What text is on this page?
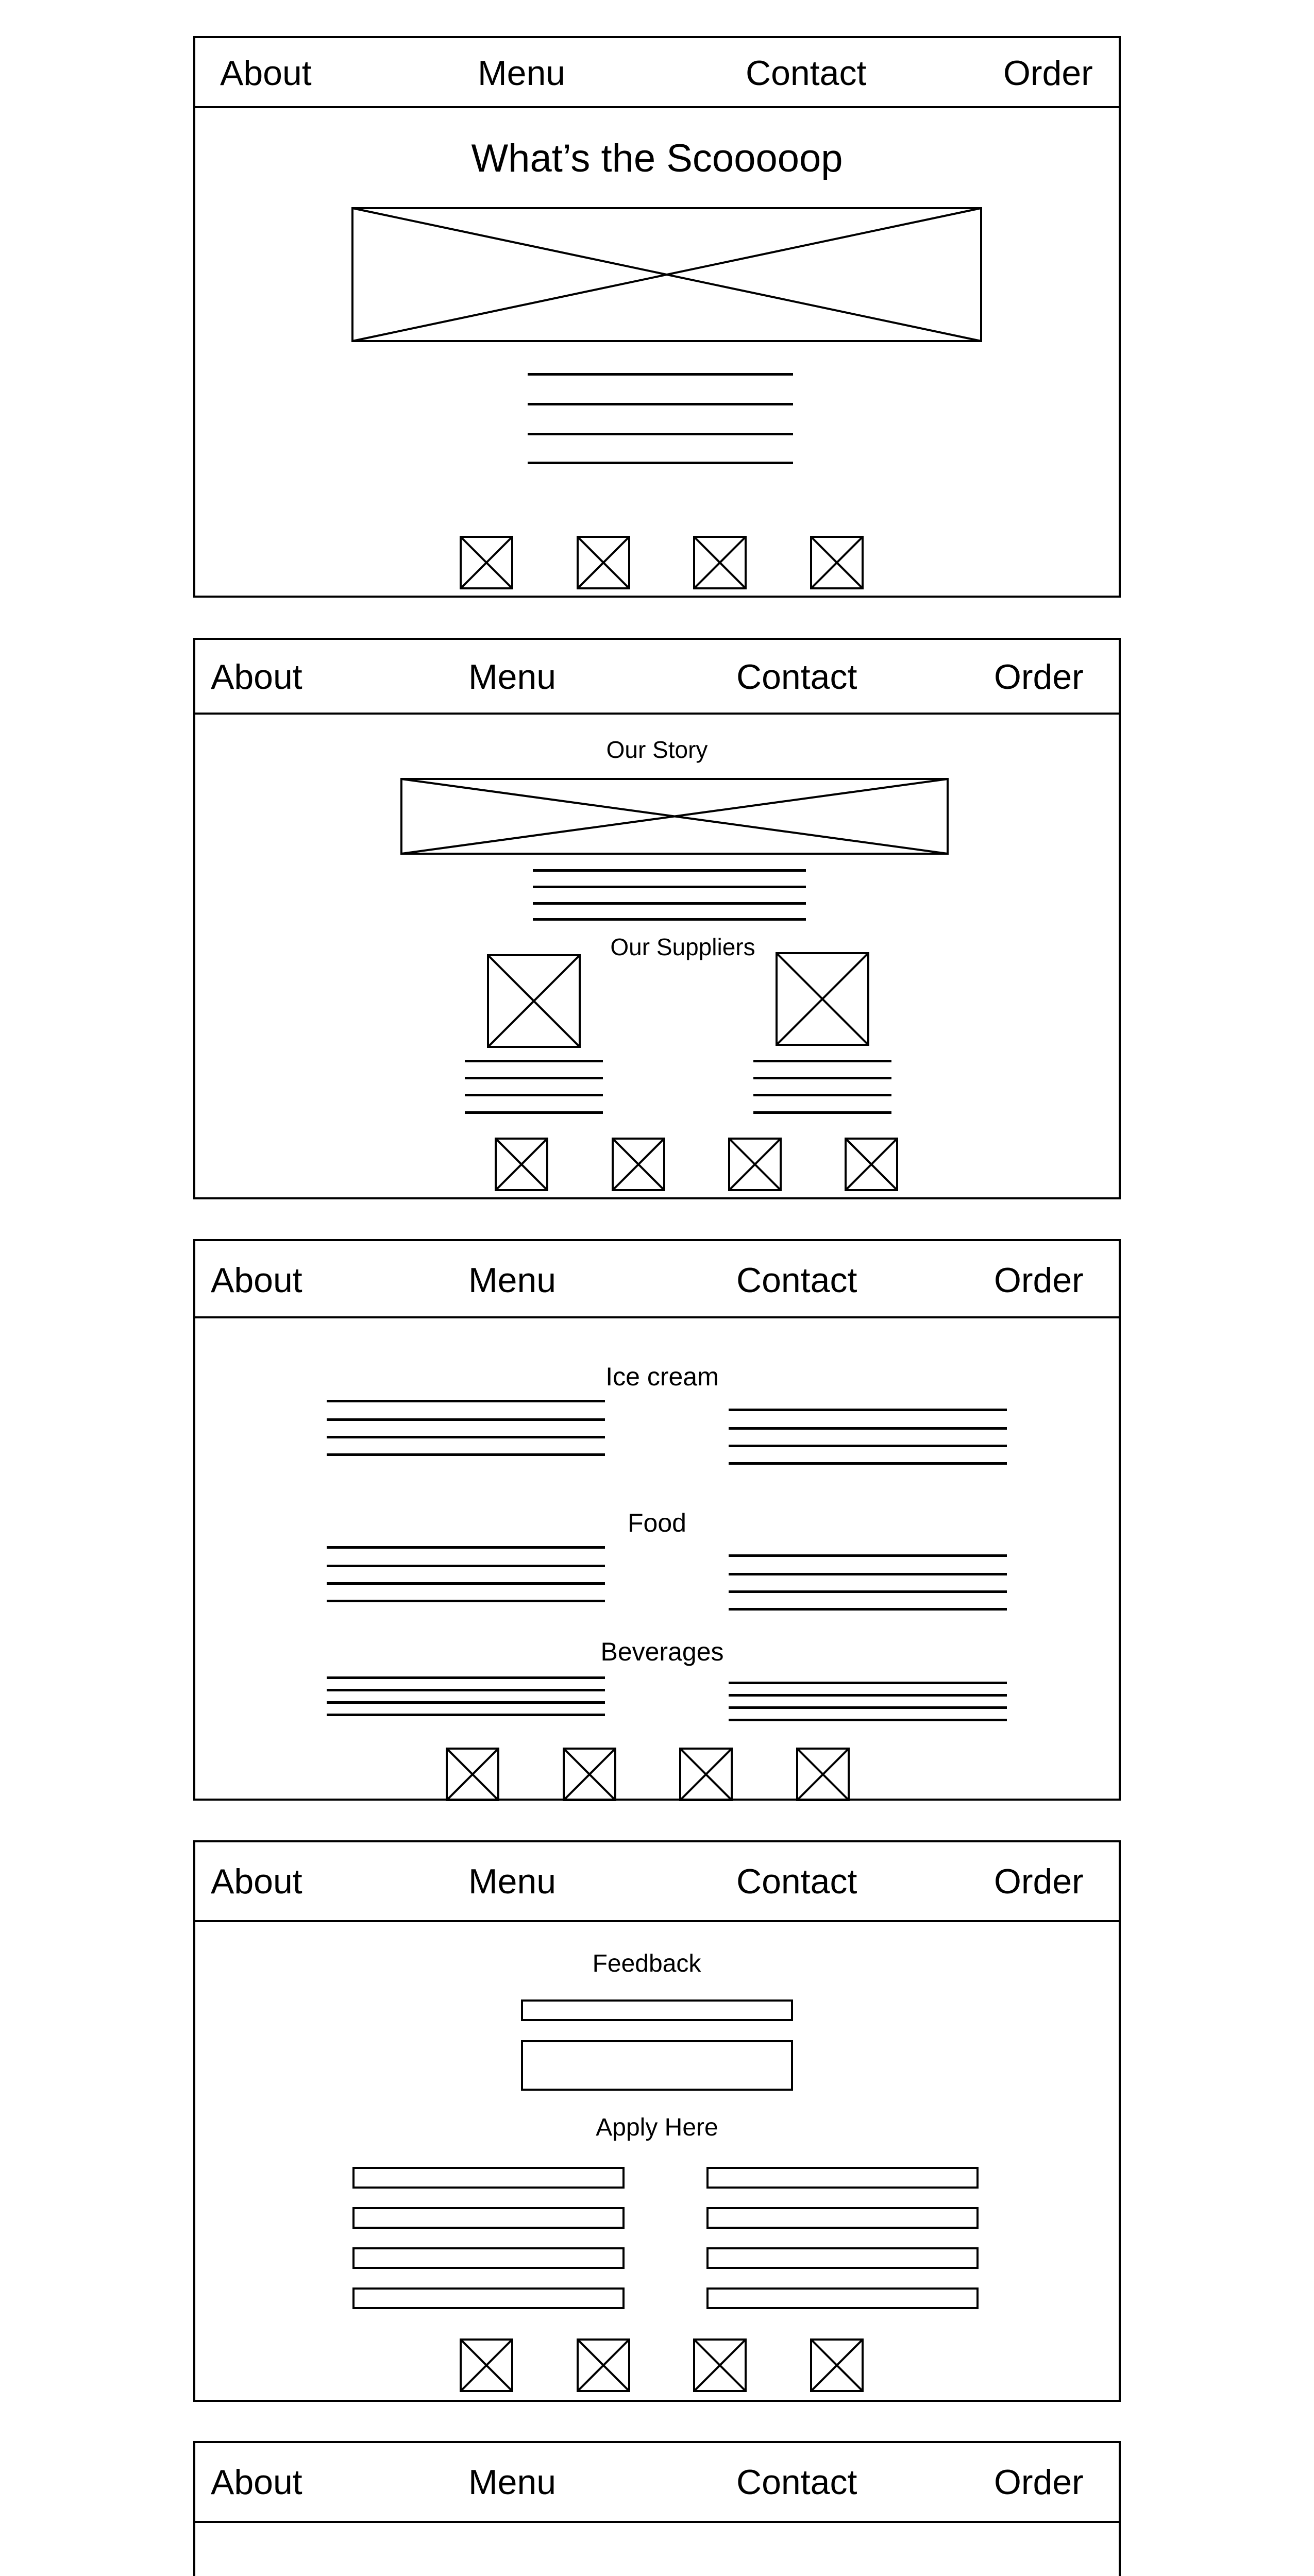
About	Menu	Contact	Order
What’s the Scooooop
About	Menu	Contact	Order
Our Story
Our Suppliers
About	Menu	Contact	Order
Ice cream
Food
Beverages
About	Menu	Contact	Order
Feedback
Apply Here
About	Menu	Contact	Order
